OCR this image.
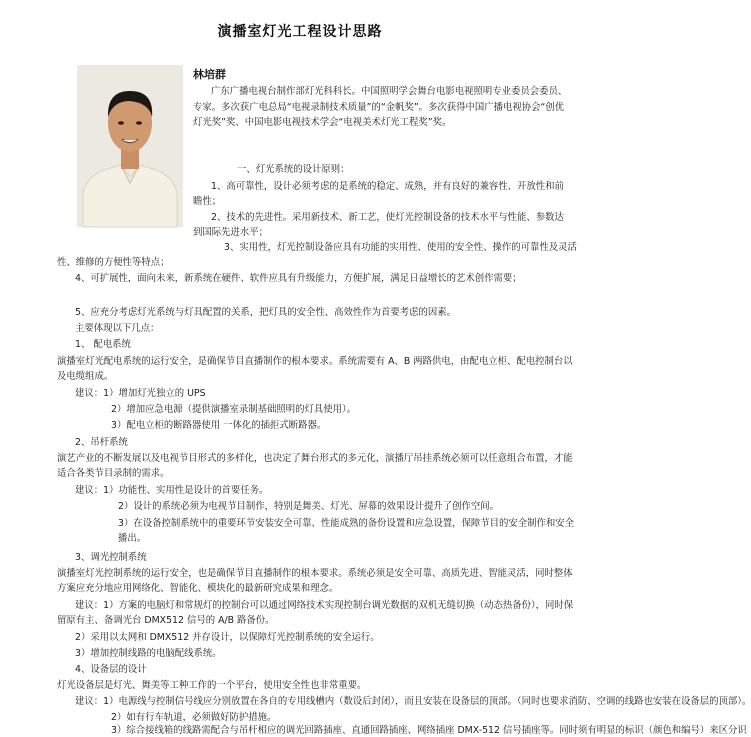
演播室灯光工程设计思路
林培群
广东广播电视台制作部灯光科科长。中国照明学会舞台电影电视照明专业委员会委员、专家。多次获广电总局“电视录制技术质量”的“金帆奖”。多次获得中国广播电视协会“创优灯光奖”奖、中国电影电视技术学会“电视美术灯光工程奖”奖。
一、灯光系统的设计原则：
1、高可靠性，设计必须考虑的是系统的稳定、成熟，并有良好的兼容性、开放性和前瞻性；
2、技术的先进性。采用新技术、新工艺，使灯光控制设备的技术水平与性能、参数达到国际先进水平；
3、实用性，灯光控制设备应具有功能的实用性、使用的安全性、操作的可靠性及灵活性、维修的方便性等特点；
4、可扩展性，面向未来，新系统在硬件、软件应具有升级能力，方便扩展，满足日益增长的艺术创作需要；
5、应充分考虑灯光系统与灯具配置的关系，把灯具的安全性、高效性作为首要考虑的因素。
主要体现以下几点：
1、 配电系统
演播室灯光配电系统的运行安全，是确保节目直播制作的根本要求。系统需要有 A、B 两路供电，由配电立柜、配电控制台以及电缆组成。
建议：1）增加灯光独立的 UPS
2）增加应急电源（提供演播室录制基础照明的灯具使用）。
3）配电立柜的断路器使用 一体化的插拒式断路器。
2、吊杆系统
演艺产业的不断发展以及电视节目形式的多样化，也决定了舞台形式的多元化，演播厅吊挂系统必须可以任意组合布置，才能适合各类节目录制的需求。
建议：1）功能性、实用性是设计的首要任务。
2）设计的系统必须为电视节目制作，特别是舞美、灯光、屏幕的效果设计提升了创作空间。
3）在设备控制系统中的重要环节安装安全可靠、性能成熟的备份设置和应急设置，保障节目的安全制作和安全播出。
3、调光控制系统
演播室灯光控制系统的运行安全，也是确保节目直播制作的根本要求。系统必须是安全可靠、高质先进、智能灵活，同时整体方案应充分地应用网络化、智能化、模块化的最新研究成果和理念。
建议：1）方案的电脑灯和常规灯的控制台可以通过网络技术实现控制台调光数据的双机无缝切换（动态热备份），同时保留原有主、备调光台 DMX512 信号的 A/B 路备份。
2）采用以太网和 DMX512 并存设计，以保障灯光控制系统的安全运行。
3）增加控制线路的电脑配线系统。
4、设备层的设计
灯光设备层是灯光、舞美等工种工作的一个平台，使用安全性也非常重要。
建议：1）电源线与控制信号线应分别放置在各自的专用线槽内（数设后封闭），而且安装在设备层的顶部。（同时也要求消防、空调的线路也安装在设备层的顶部）。
2）如有行车轨道，必须做好防护措施。
3）综合接线箱的线路需配合与吊杆相应的调光回路插座、直通回路插座、网络插座 DMX-512 信号插座等。同时须有明显的标识（颜色和编号）来区分识
